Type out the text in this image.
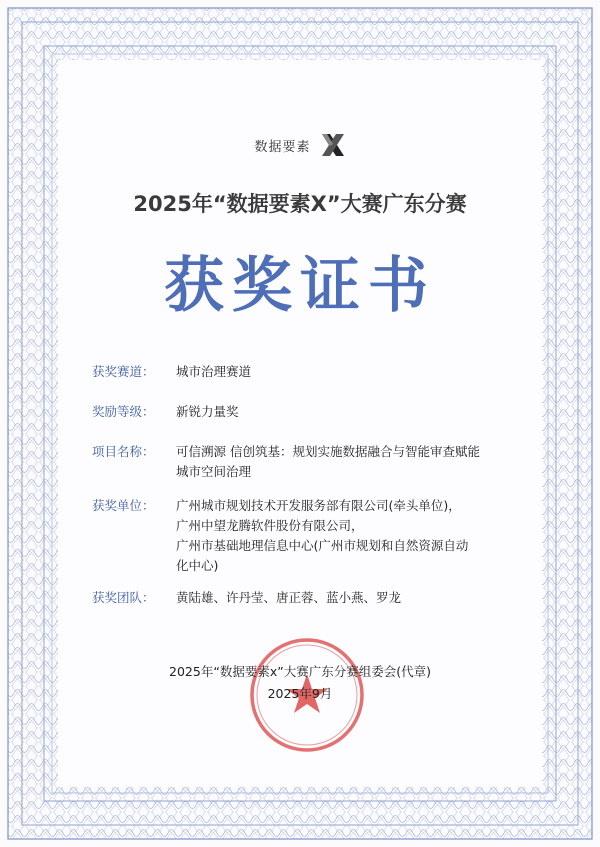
数据要素
2025年“数据要素X”大赛广东分赛
获奖证书
获奖赛道： 城市治理赛道
奖励等级： 新锐力量奖
项目名称： 可信溯源 信创筑基：规划实施数据融合与智能审查赋能
城市空间治理
获奖单位： 广州城市规划技术开发服务部有限公司(牵头单位)，
广州中望龙腾软件股份有限公司，
广州市基础地理信息中心(广州市规划和自然资源自动
化中心)
获奖团队： 黄陆雄、许丹莹、唐正蓉、蓝小燕、罗龙
2025年“数据要素x”大赛广东分赛组委会(代章)
2025年9月
